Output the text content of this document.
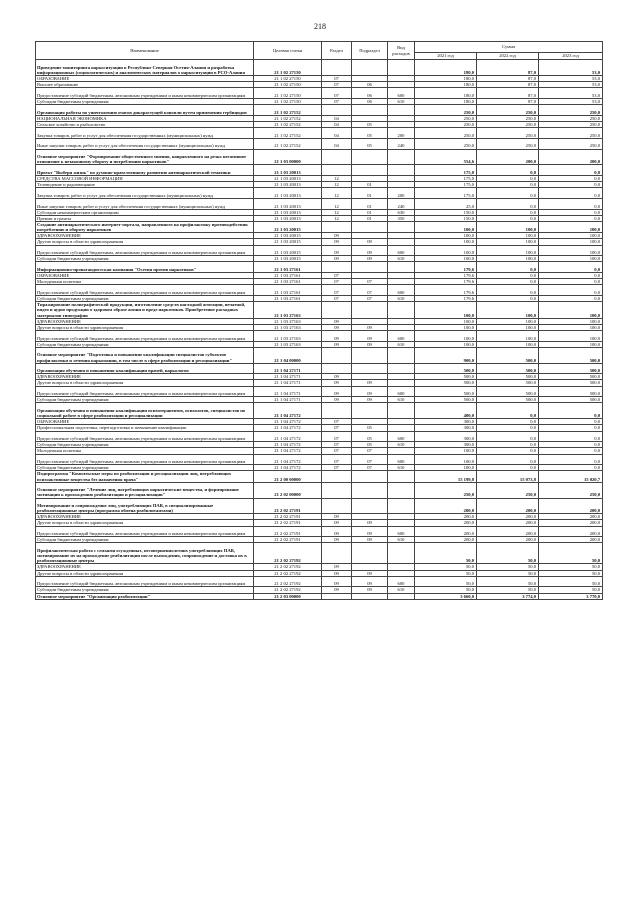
218
Наименование	Целевая статья	Раздел	Подраздел	Вид расходов	Сумма		
					2021 год	2022 год	2023 год
Проведение мониторинга наркоситуации в Республике Северная Осетия-Алания и разработка информационных (социологических) и аналитических материалов о наркоситуации в РСО-Алания	21 1 02 27150				180,0	87,0	53,0
ОБРАЗОВАНИЕ	21 1 02 27150	07			180,0	87,0	53,0
Высшее образование	21 1 02 27150	07	06		180,0	87,0	53,0
Предоставление субсидий бюджетным, автономным учреждениям и иным некоммерческим организациям	21 1 02 27150	07	06	600	180,0	87,0	53,0
Субсидии бюджетным учреждениям	21 1 02 27150	07	06	610	180,0	87,0	53,0
Организация работы по уничтожению очагов дикорастущей конопли путем применения гербицидов	21 1 02 27152				250,0	250,0	250,0
НАЦИОНАЛЬНАЯ ЭКОНОМИКА	21 1 02 27152	04			250,0	250,0	250,0
Сельское хозяйство и рыболовство	21 1 02 27152	04	05		250,0	250,0	250,0
Закупка товаров, работ и услуг для обеспечения государственных (муниципальных) нужд	21 1 02 27152	04	05	200	250,0	250,0	250,0
Иные закупки товаров, работ и услуг для обеспечения государственных (муниципальных) нужд	21 1 02 27152	04	05	240	250,0	250,0	250,0
Основное мероприятие "Формирование общественного мнения, направленного на резко негативное отношение к незаконному обороту и потреблению наркотиков"	21 1 03 00000				554,6	200,0	200,0
Проект "Выбери жизнь" по духовно-нравственному развитию антинаркотической тематики	21 1 03 20013				175,0	0,0	0,0
СРЕДСТВА МАССОВОЙ ИНФОРМАЦИИ	21 1 03 20013	12			175,0	0,0	0,0
Телевидение и радиовещание	21 1 03 20013	12	01		175,0	0,0	0,0
Закупка товаров, работ и услуг для обеспечения государственных (муниципальных) нужд	21 1 03 20013	12	01	200	175,0	0,0	0,0
Иные закупки товаров, работ и услуг для обеспечения государственных (муниципальных) нужд	21 1 03 20013	12	01	240	25,0	0,0	0,0
Субсидии некоммерческим организациям	21 1 03 20013	12	01	630	150,0	0,0	0,0
Премии и гранты	21 1 03 20013	12	01	350	150,0	0,0	0,0
Создание антинаркотического интернет-портала, направленного на профилактику противодействия потреблению и обороту наркотиков	21 1 03 20015				100,0	100,0	100,0
ЗДРАВООХРАНЕНИЕ	21 1 03 20015	09			100,0	100,0	100,0
Другие вопросы в области здравоохранения	21 1 03 20015	09	09		100,0	100,0	100,0
Предоставление субсидий бюджетным, автономным учреждениям и иным некоммерческим организациям	21 1 03 20015	09	09	600	100,0	100,0	100,0
Субсидии бюджетным учреждениям	21 1 03 20015	09	09	610	100,0	100,0	100,0
Информационно-пропагандистская кампания "Осетия против наркотиков"	21 1 03 27161				179,6	0,0	0,0
ОБРАЗОВАНИЕ	21 1 03 27161	07			179,6	0,0	0,0
Молодежная политика	21 1 03 27161	07	07		179,6	0,0	0,0
Предоставление субсидий бюджетным, автономным учреждениям и иным некоммерческим организациям	21 1 03 27161	07	07	600	179,6	0,0	0,0
Субсидии бюджетным учреждениям	21 1 03 27161	07	07	610	179,6	0,0	0,0
Тиражирование полиграфической продукции, изготовление средств наглядной агитации, печатной, видео и аудио продукции о здоровом образе жизни и вреде наркотиков. Приобретение расходных материалов типографии	21 1 03 27163				100,0	100,0	100,0
ЗДРАВООХРАНЕНИЕ	21 1 03 27163	09			100,0	100,0	100,0
Другие вопросы в области здравоохранения	21 1 03 27163	09	09		100,0	100,0	100,0
Предоставление субсидий бюджетным, автономным учреждениям и иным некоммерческим организациям	21 1 03 27163	09	09	600	100,0	100,0	100,0
Субсидии бюджетным учреждениям	21 1 03 27163	09	09	610	100,0	100,0	100,0
Основное мероприятие "Подготовка и повышение квалификации специалистов субъектов профилактики и лечения наркомании, в том числе в сфере реабилитации и ресоциализации"	21 1 04 00000				900,0	500,0	500,0
Организация обучения и повышения квалификации врачей, наркологов	21 1 04 27171				500,0	500,0	500,0
ЗДРАВООХРАНЕНИЕ	21 1 04 27171	09			500,0	500,0	500,0
Другие вопросы в области здравоохранения	21 1 04 27171	09	09		500,0	500,0	500,0
Предоставление субсидий бюджетным, автономным учреждениям и иным некоммерческим организациям	21 1 04 27171	09	09	600	500,0	500,0	500,0
Субсидии бюджетным учреждениям	21 1 04 27171	09	09	610	500,0	500,0	500,0
Организация обучения и повышения квалификации психотерапевтов, психологов, специалистов по социальной работе в сфере реабилитации и ресоциализации	21 1 04 27172				400,0	0,0	0,0
ОБРАЗОВАНИЕ	21 1 04 27172	07			300,0	0,0	0,0
Профессиональная подготовка, переподготовка и повышение квалификации	21 1 04 27172	07	05		300,0	0,0	0,0
Предоставление субсидий бюджетным, автономным учреждениям и иным некоммерческим организациям	21 1 04 27172	07	05	600	300,0	0,0	0,0
Субсидии бюджетным учреждениям	21 1 04 27172	07	05	610	300,0	0,0	0,0
Молодежная политика	21 1 04 27172	07	07		100,0	0,0	0,0
Предоставление субсидий бюджетным, автономным учреждениям и иным некоммерческим организациям	21 1 04 27172	07	07	600	100,0	0,0	0,0
Субсидии бюджетным учреждениям	21 1 04 27172	07	07	610	100,0	0,0	0,0
Подпрограмма "Комплексные меры по реабилитации и ресоциализации лиц, потребляющих психоактивные вещества без назначения врача"	21 2 00 00000				15 199,8	15 073,8	15 020,7
Основное мероприятие "Лечение лиц, потребляющих наркотические вещества, и формирование мотивации к прохождению реабилитации и ресоциализации"	21 2 02 00000				250,0	250,0	250,0
Мотивирование и сопровождение лиц, употребляющих ПАВ, в специализированные реабилитационные центры (программа обмена реабилитантами)	21 2 02 27191				200,0	200,0	200,0
ЗДРАВООХРАНЕНИЕ	21 2 02 27191	09			200,0	200,0	200,0
Другие вопросы в области здравоохранения	21 2 02 27191	09	09		200,0	200,0	200,0
Предоставление субсидий бюджетным, автономным учреждениям и иным некоммерческим организациям	21 2 02 27191	09	09	600	200,0	200,0	200,0
Субсидии бюджетным учреждениям	21 2 02 27191	09	09	610	200,0	200,0	200,0
Профилактическая работа с семьями осужденных, несовершеннолетних употребляющих ПАВ, мотивирование их на прохождение реабилитации после выхождения, сопровождение и доставка их в реабилитационные центры	21 2 02 27192				50,0	50,0	50,0
ЗДРАВООХРАНЕНИЕ	21 2 02 27192	09			50,0	50,0	50,0
Другие вопросы в области здравоохранения	21 2 02 27192	09	09		50,0	50,0	50,0
Предоставление субсидий бюджетным, автономным учреждениям и иным некоммерческим организациям	21 2 02 27192	09	09	600	50,0	50,0	50,0
Субсидии бюджетным учреждениям	21 2 02 27192	09	09	610	50,0	50,0	50,0
Основное мероприятие "Организация реабилитации"	21 2 03 00000				3 660,0	3 774,0	3 770,0
